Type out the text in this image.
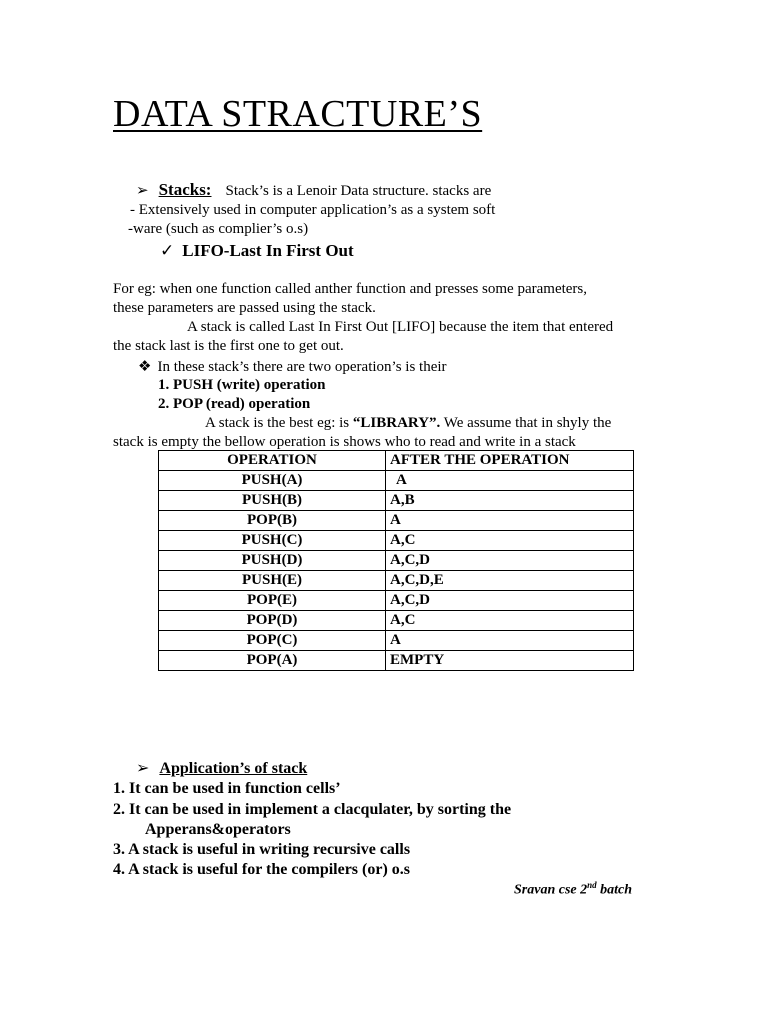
DATA STRACTURE’S
➢ Stacks: Stack’s is a Lenoir Data structure. stacks are
- Extensively used in computer application’s as a system soft
-ware (such as complier’s o.s)
✓ LIFO-Last In First Out
For eg: when one function called anther function and presses some parameters,
these parameters are passed using the stack.
A stack is called Last In First Out [LIFO] because the item that entered
the stack last is the first one to get out.
❖ In these stack’s there are two operation’s is their
1. PUSH (write) operation
2. POP (read) operation
A stack is the best eg: is “LIBRARY”. We assume that in shyly the
stack is empty the bellow operation is shows who to read and write in a stack
OPERATION	AFTER THE OPERATION
PUSH(A)	A
PUSH(B)	A,B
POP(B)	A
PUSH(C)	A,C
PUSH(D)	A,C,D
PUSH(E)	A,C,D,E
POP(E)	A,C,D
POP(D)	A,C
POP(C)	A
POP(A)	EMPTY
➢ Application’s of stack
1. It can be used in function cells’
2. It can be used in implement a clacqulater, by sorting the
Apperans&operators
3. A stack is useful in writing recursive calls
4. A stack is useful for the compilers (or) o.s
Sravan cse 2nd batch
